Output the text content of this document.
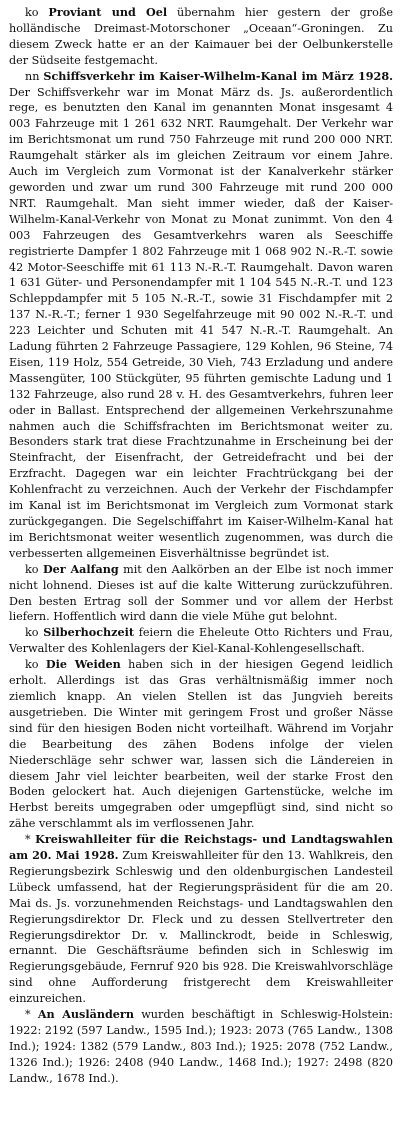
ko Proviant und Oel übernahm hier gestern der große holländische Dreimast-Motorschoner „Oceaan“-Groningen. Zu diesem Zweck hatte er an der Kaimauer bei der Oelbunkerstelle der Südseite festgemacht.

nn Schiffsverkehr im Kaiser-Wilhelm-Kanal im März 1928. Der Schiffsverkehr war im Monat März ds. Js. außerordentlich rege, es benutzten den Kanal im genannten Monat insgesamt 4 003 Fahrzeuge mit 1 261 632 NRT. Raumgehalt. Der Verkehr war im Berichtsmonat um rund 750 Fahrzeuge mit rund 200 000 NRT. Raumgehalt stärker als im gleichen Zeitraum vor einem Jahre. Auch im Vergleich zum Vormonat ist der Kanalverkehr stärker geworden und zwar um rund 300 Fahrzeuge mit rund 200 000 NRT. Raumgehalt. Man sieht immer wieder, daß der Kaiser-Wilhelm-Kanal-Verkehr von Monat zu Monat zunimmt. Von den 4 003 Fahrzeugen des Gesamtverkehrs waren als Seeschiffe registrierte Dampfer 1 802 Fahrzeuge mit 1 068 902 N.-R.-T. sowie 42 Motor-Seeschiffe mit 61 113 N.-R.-T. Raumgehalt. Davon waren 1 631 Güter- und Personendampfer mit 1 104 545 N.-R.-T. und 123 Schleppdampfer mit 5 105 N.-R.-T., sowie 31 Fischdampfer mit 2 137 N.-R.-T.; ferner 1 930 Segelfahrzeuge mit 90 002 N.-R.-T. und 223 Leichter und Schuten mit 41 547 N.-R.-T. Raumgehalt. An Ladung führten 2 Fahrzeuge Passagiere, 129 Kohlen, 96 Steine, 74 Eisen, 119 Holz, 554 Getreide, 30 Vieh, 743 Erzladung und andere Massengüter, 100 Stückgüter, 95 führten gemischte Ladung und 1 132 Fahrzeuge, also rund 28 v. H. des Gesamtverkehrs, fuhren leer oder in Ballast. Entsprechend der allgemeinen Verkehrszunahme nahmen auch die Schiffsfrachten im Berichtsmonat weiter zu. Besonders stark trat diese Frachtzunahme in Erscheinung bei der Steinfracht, der Eisenfracht, der Getreidefracht und bei der Erzfracht. Dagegen war ein leichter Frachtrückgang bei der Kohlenfracht zu verzeichnen. Auch der Verkehr der Fischdampfer im Kanal ist im Berichtsmonat im Vergleich zum Vormonat stark zurückgegangen. Die Segelschiffahrt im Kaiser-Wilhelm-Kanal hat im Berichtsmonat weiter wesentlich zugenommen, was durch die verbesserten allgemeinen Eisverhältnisse begründet ist.

ko Der Aalfang mit den Aalkörben an der Elbe ist noch immer nicht lohnend. Dieses ist auf die kalte Witterung zurückzuführen. Den besten Ertrag soll der Sommer und vor allem der Herbst liefern. Hoffentlich wird dann die viele Mühe gut belohnt.

ko Silberhochzeit feiern die Eheleute Otto Richters und Frau, Verwalter des Kohlenlagers der Kiel-Kanal-Kohlengesellschaft.

ko Die Weiden haben sich in der hiesigen Gegend leidlich erholt. Allerdings ist das Gras verhältnismäßig immer noch ziemlich knapp. An vielen Stellen ist das Jungvieh bereits ausgetrieben. Die Winter mit geringem Frost und großer Nässe sind für den hiesigen Boden nicht vorteilhaft. Während im Vorjahr die Bearbeitung des zähen Bodens infolge der vielen Niederschläge sehr schwer war, lassen sich die Ländereien in diesem Jahr viel leichter bearbeiten, weil der starke Frost den Boden gelockert hat. Auch diejenigen Gartenstücke, welche im Herbst bereits umgegraben oder umgepflügt sind, sind nicht so zähe verschlammt als im verflossenen Jahr.

* Kreiswahlleiter für die Reichstags- und Landtagswahlen am 20. Mai 1928. Zum Kreiswahlleiter für den 13. Wahlkreis, den Regierungsbezirk Schleswig und den oldenburgischen Landesteil Lübeck umfassend, hat der Regierungspräsident für die am 20. Mai ds. Js. vorzunehmenden Reichstags- und Landtagswahlen den Regierungsdirektor Dr. Fleck und zu dessen Stellvertreter den Regierungsdirektor Dr. v. Mallinckrodt, beide in Schleswig, ernannt. Die Geschäftsräume befinden sich in Schleswig im Regierungsgebäude, Fernruf 920 bis 928. Die Kreiswahlvorschläge sind ohne Aufforderung fristgerecht dem Kreiswahlleiter einzureichen.

* An Ausländern wurden beschäftigt in Schleswig-Holstein: 1922: 2192 (597 Landw., 1595 Ind.); 1923: 2073 (765 Landw., 1308 Ind.); 1924: 1382 (579 Landw., 803 Ind.); 1925: 2078 (752 Landw., 1326 Ind.); 1926: 2408 (940 Landw., 1468 Ind.); 1927: 2498 (820 Landw., 1678 Ind.).
